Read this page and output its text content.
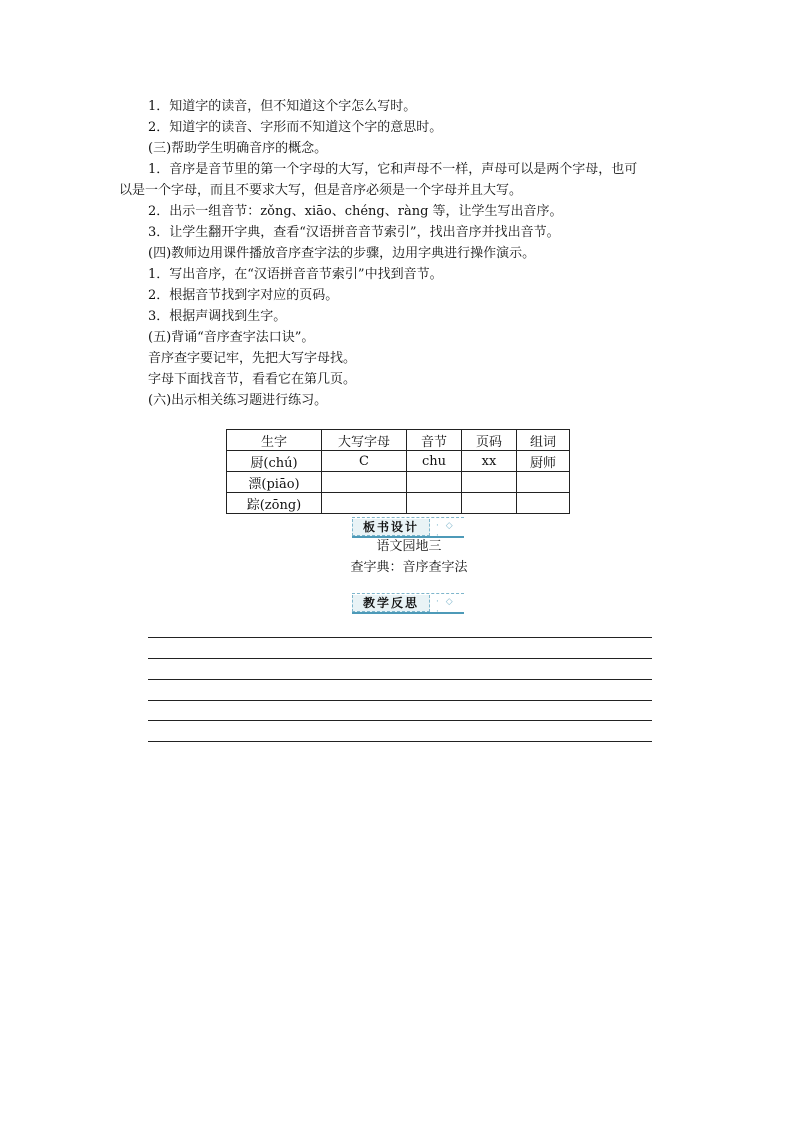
1．知道字的读音，但不知道这个字怎么写时。
2．知道字的读音、字形而不知道这个字的意思时。
(三)帮助学生明确音序的概念。
1．音序是音节里的第一个字母的大写，它和声母不一样，声母可以是两个字母，也可
以是一个字母，而且不要求大写，但是音序必须是一个字母并且大写。
2．出示一组音节：zǒng、xiāo、chéng、ràng 等，让学生写出音序。
3．让学生翻开字典，查看“汉语拼音音节索引”，找出音序并找出音节。
(四)教师边用课件播放音序查字法的步骤，边用字典进行操作演示。
1．写出音序，在“汉语拼音音节索引”中找到音节。
2．根据音节找到字对应的页码。
3．根据声调找到生字。
(五)背诵“音序查字法口诀”。
音序查字要记牢，先把大写字母找。
字母下面找音节，看看它在第几页。
(六)出示相关练习题进行练习。
生字	大写字母	音节	页码	组词
厨(chú)	C	chu	xx	厨师
漂(piāo)				
踪(zōng)				
板书设计	· ◇ ·
语文园地三
查字典：音序查字法
教学反思	· ◇ ·
